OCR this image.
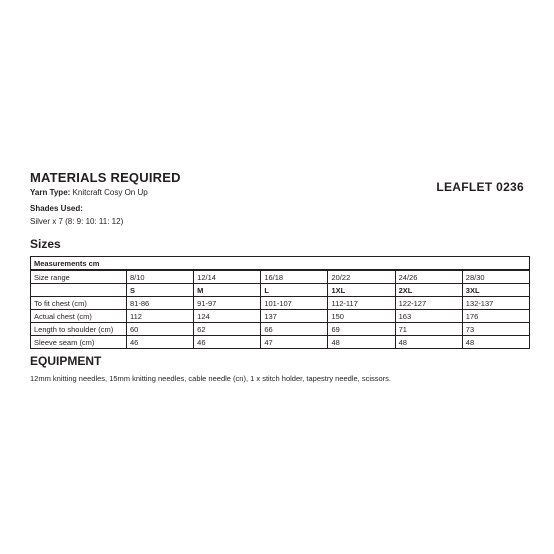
MATERIALS REQUIRED
LEAFLET 0236
Yarn Type: Knitcraft Cosy On Up
Shades Used:
Silver x 7 (8: 9: 10: 11: 12)
Sizes
Measurements cm						
Size range	8/10	12/14	16/18	20/22	24/26	28/30
	S	M	L	1XL	2XL	3XL
To fit chest (cm)	81-86	91-97	101-107	112-117	122-127	132-137
Actual chest (cm)	112	124	137	150	163	176
Length to shoulder (cm)	60	62	66	69	71	73
Sleeve seam (cm)	46	46	47	48	48	48
EQUIPMENT
12mm knitting needles, 15mm knitting needles, cable needle (cn), 1 x stitch holder, tapestry needle, scissors.
